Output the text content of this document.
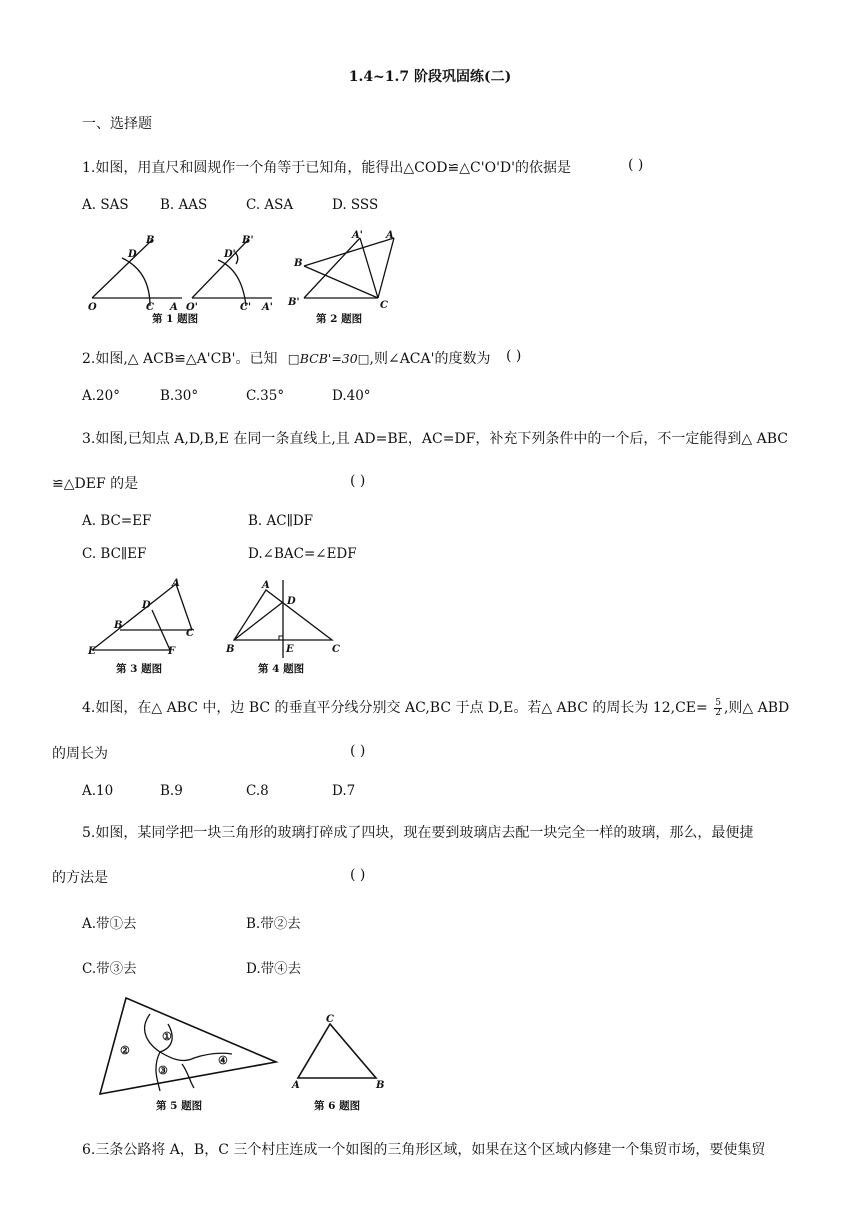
1.4~1.7 阶段巩固练(二)
一、选择题
1.如图，用直尺和圆规作一个角等于已知角，能得出△COD≌△C'O'D'的依据是	( )
A. SAS B. AAS	C. ASA	D. SSS
B
D
O	C A
B'
D'
O'	C' A'
第 1 题图
A' A
B
B'	C
第 2 题图
2.如图,△ ACB≌△A'CB'。已知 □BCB'=30□,则∠ACA'的度数为 ( )
A.20°	B.30°	C.35°	D.40°
3.如图,已知点 A,D,B,E 在同一条直线上,且 AD=BE，AC=DF，补充下列条件中的一个后，不一定能得到△ ABC
≌△DEF 的是	( )
A. BC=EF	B. AC∥DF
C. BC∥EF	D.∠BAC=∠EDF
A
D
B
C
E	F
第 3 题图
A
D
B	E	C
第 4 题图
4.如图，在△ ABC 中，边 BC 的垂直平分线分别交 AC,BC 于点 D,E。若△ ABC 的周长为 $12,CE= \frac{5}{2}$ ,则△ ABD
的周长为	( )
A.10	B.9	C.8	D.7
5.如图，某同学把一块三角形的玻璃打碎成了四块，现在要到玻璃店去配一块完全一样的玻璃，那么，最便捷
的方法是	( )
A.带①去	B.带②去
C.带③去	D.带④去
①
②
③
④
第 5 题图
C
A	B
第 6 题图
6.三条公路将 A，B，C 三个村庄连成一个如图的三角形区域，如果在这个区域内修建一个集贸市场，要使集贸
